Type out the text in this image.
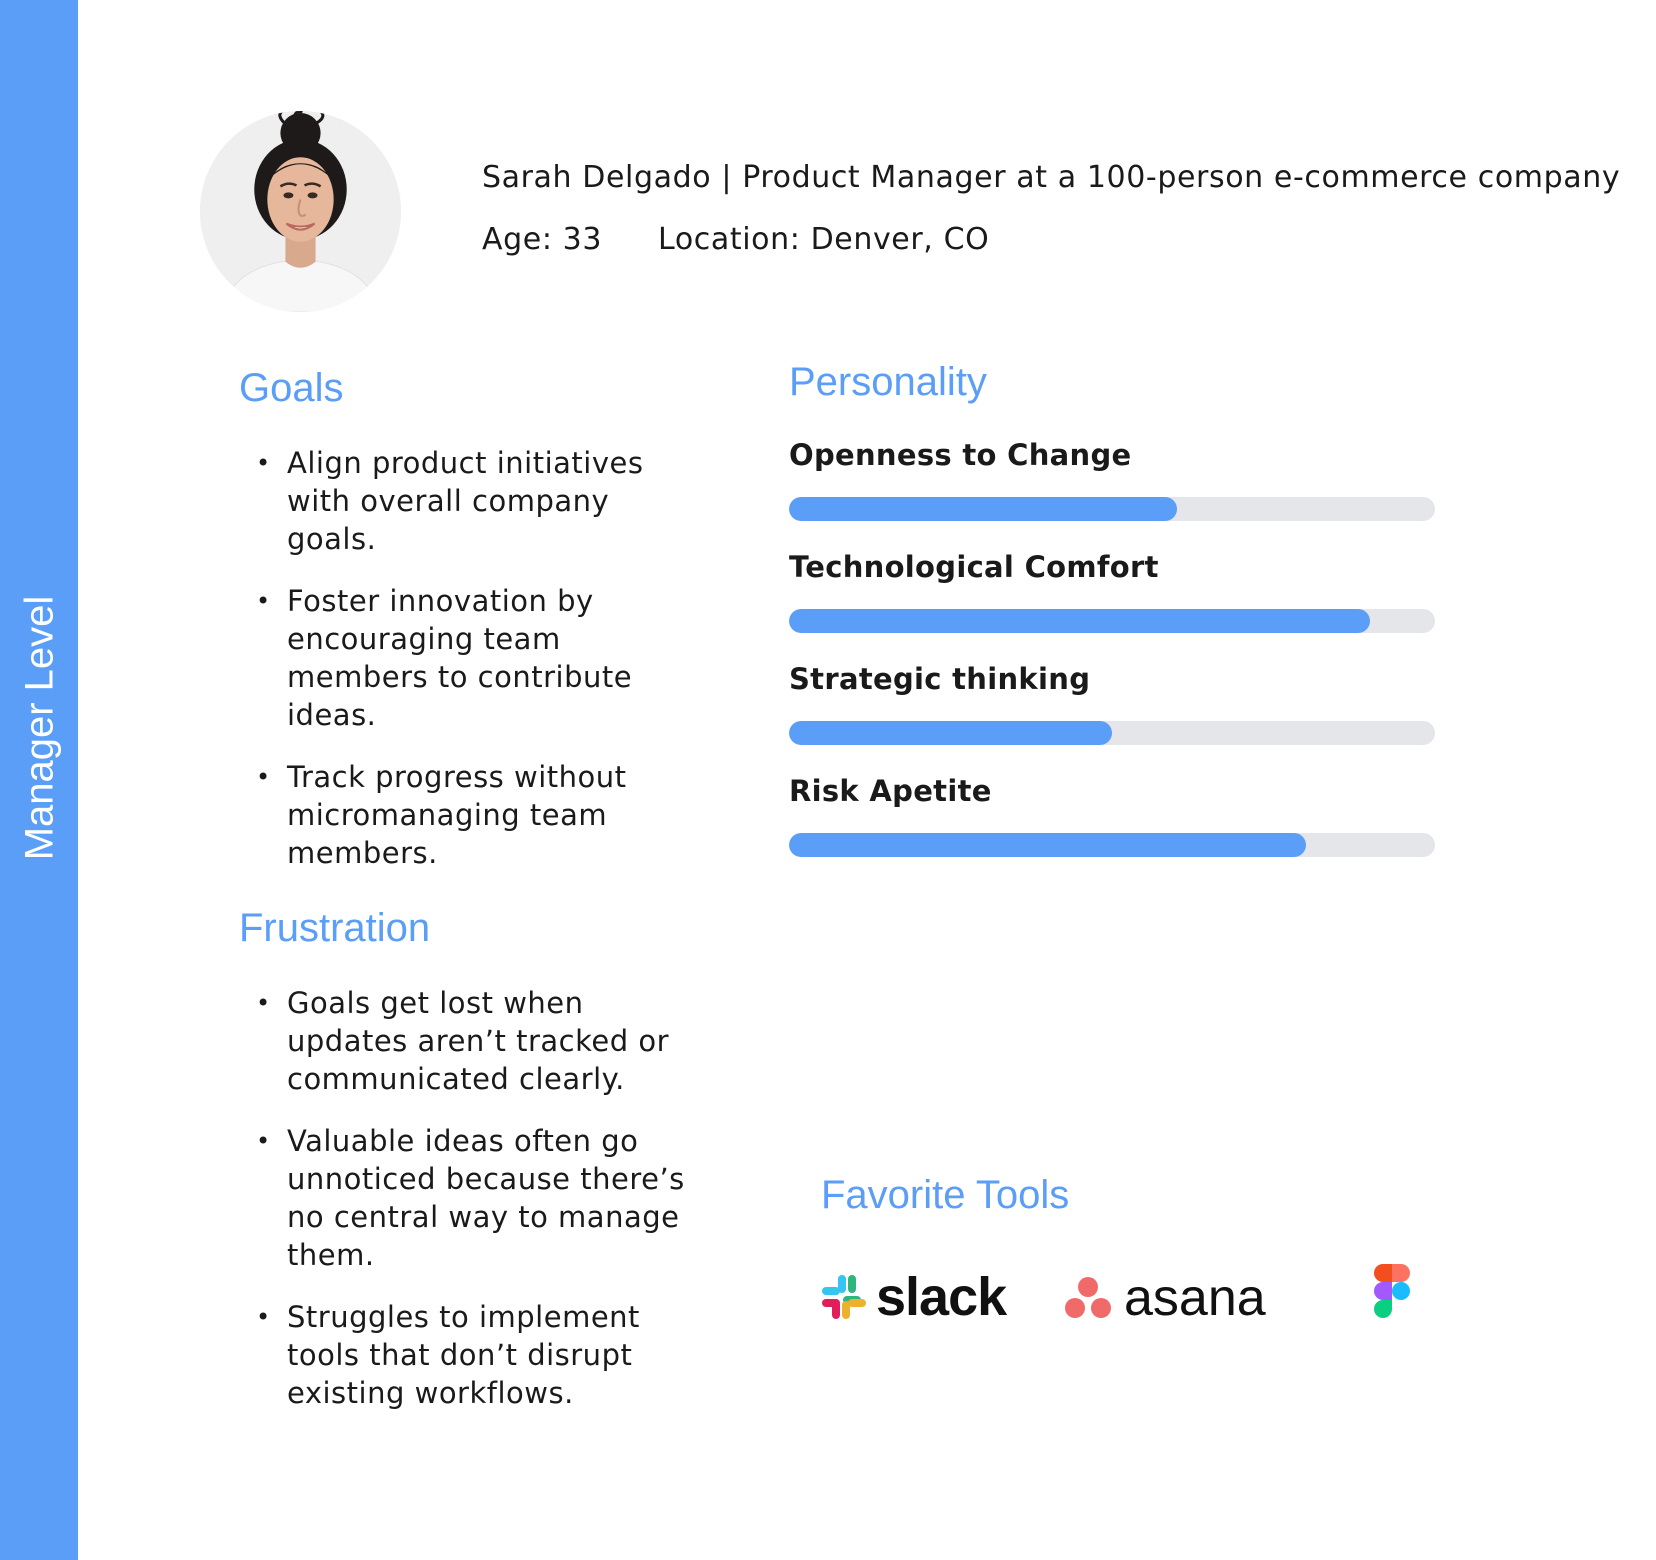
Manager Level
Sarah Delgado | Product Manager at a 100-person e-commerce company
Age: 33 Location: Denver, CO
Goals
• Align product initiatives with overall company goals.
• Foster innovation by encouraging team members to contribute ideas.
• Track progress without micromanaging team members.
Frustration
• Goals get lost when updates aren’t tracked or communicated clearly.
• Valuable ideas often go unnoticed because there’s no central way to manage them.
• Struggles to implement tools that don’t disrupt existing workflows.
Personality
Openness to Change
Technological Comfort
Strategic thinking
Risk Apetite
Favorite Tools
slack asana
